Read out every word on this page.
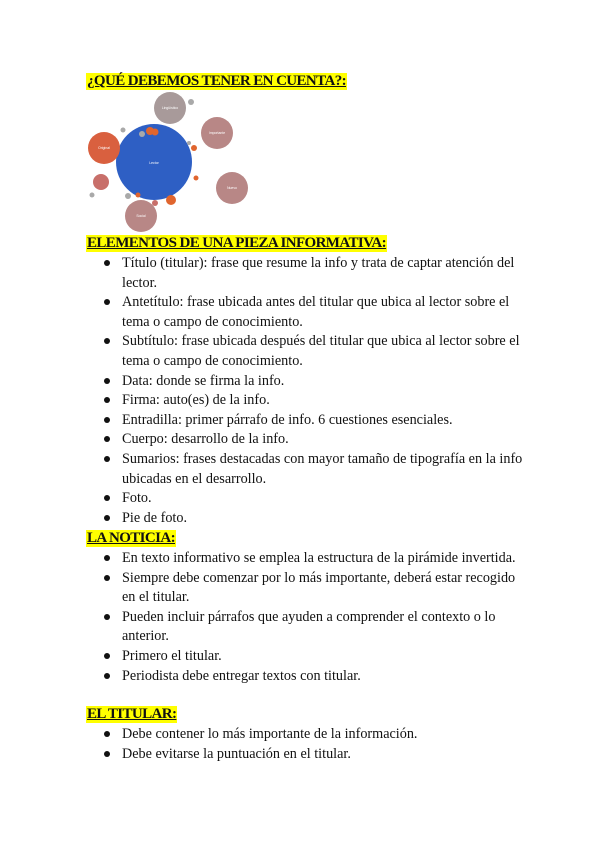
¿QUÉ DEBEMOS TENER EN CUENTA?:
Lector
Lingüístico
Importante
Nuevo
Social
Original
ELEMENTOS DE UNA PIEZA INFORMATIVA:
Título (titular): frase que resume la info y trata de captar atención del lector.
Antetítulo: frase ubicada antes del titular que ubica al lector sobre el tema o campo de conocimiento.
Subtítulo: frase ubicada después del titular que ubica al lector sobre el tema o campo de conocimiento.
Data: donde se firma la info.
Firma: auto(es) de la info.
Entradilla: primer párrafo de info. 6 cuestiones esenciales.
Cuerpo: desarrollo de la info.
Sumarios: frases destacadas con mayor tamaño de tipografía en la info ubicadas en el desarrollo.
Foto.
Pie de foto.
LA NOTICIA:
En texto informativo se emplea la estructura de la pirámide invertida.
Siempre debe comenzar por lo más importante, deberá estar recogido en el titular.
Pueden incluir párrafos que ayuden a comprender el contexto o lo anterior.
Primero el titular.
Periodista debe entregar textos con titular.
EL TITULAR:
Debe contener lo más importante de la información.
Debe evitarse la puntuación en el titular.
